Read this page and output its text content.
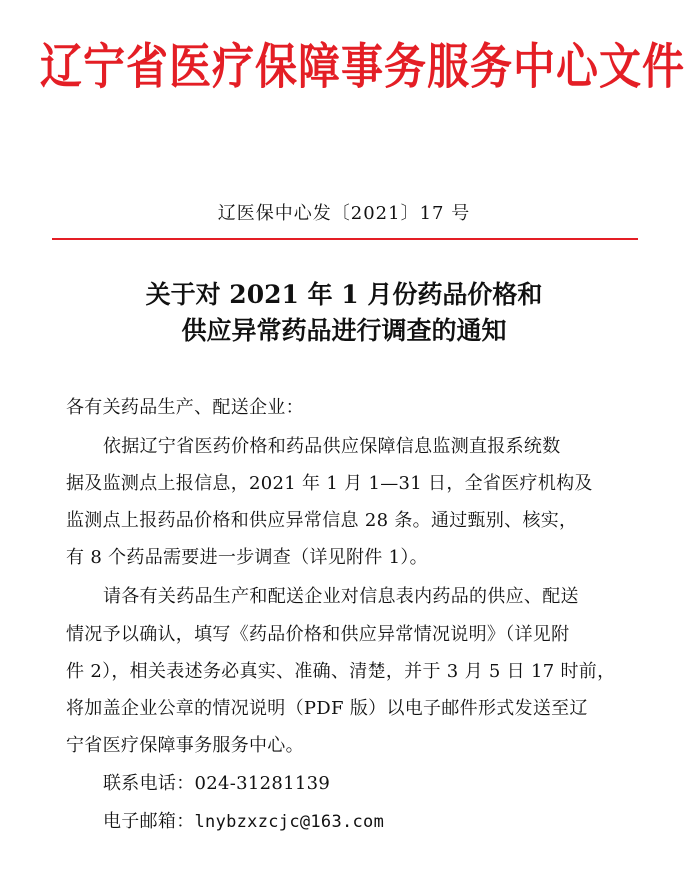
辽宁省医疗保障事务服务中心文件
辽医保中心发〔2021〕17 号
关于对 2021 年 1 月份药品价格和
供应异常药品进行调查的通知
各有关药品生产、配送企业：
依据辽宁省医药价格和药品供应保障信息监测直报系统数
据及监测点上报信息，2021 年 1 月 1—31 日，全省医疗机构及
监测点上报药品价格和供应异常信息 28 条。通过甄别、核实，
有 8 个药品需要进一步调查（详见附件 1）。
请各有关药品生产和配送企业对信息表内药品的供应、配送
情况予以确认，填写《药品价格和供应异常情况说明》（详见附
件 2），相关表述务必真实、准确、清楚，并于 3 月 5 日 17 时前，
将加盖企业公章的情况说明（PDF 版）以电子邮件形式发送至辽
宁省医疗保障事务服务中心。
联系电话：024-31281139
电子邮箱：lnybzxzcjc@163.com
